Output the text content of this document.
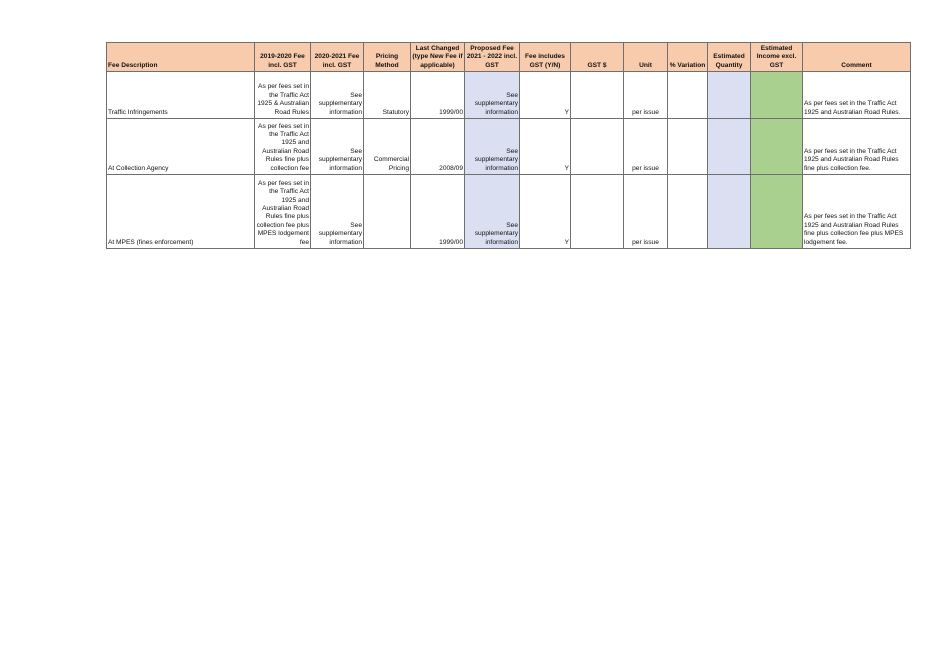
Fee Description	2019-2020 Fee incl. GST	2020-2021 Fee incl. GST	Pricing Method	Last Changed (type New Fee if applicable)	Proposed Fee 2021 - 2022 incl. GST	Fee includes GST (Y/N)	GST $	Unit	% Variation	Estimated Quantity	Estimated Income excl. GST	Comment
Traffic Infringements	As per fees set in the Traffic Act 1925 & Australian Road Rules	See supplementary information	Statutory	1999/00	See supplementary information	Y		per issue				As per fees set in the Traffic Act 1925 and Australian Road Rules.
At Collection Agency	As per fees set in the Traffic Act 1925 and Australian Road Rules fine plus collection fee	See supplementary information	Commercial Pricing	2008/09	See supplementary information	Y		per issue				As per fees set in the Traffic Act 1925 and Australian Road Rules fine plus collection fee.
At MPES (fines enforcement)	As per fees set in the Traffic Act 1925 and Australian Road Rules fine plus collection fee plus MPES lodgement fee	See supplementary information		1999/00	See supplementary information	Y		per issue				As per fees set in the Traffic Act 1925 and Australian Road Rules fine plus collection fee plus MPES lodgement fee.
